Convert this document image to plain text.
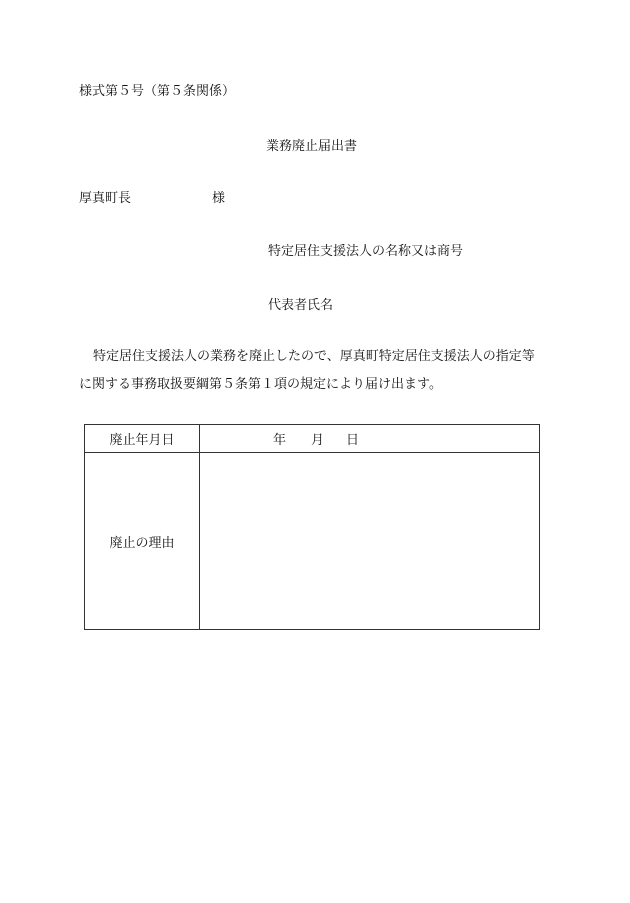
様式第５号（第５条関係）
業務廃止届出書
厚真町長	様
特定居住支援法人の名称又は商号
代表者氏名
特定居住支援法人の業務を廃止したので、厚真町特定居住支援法人の指定等
に関する事務取扱要綱第５条第１項の規定により届け出ます。
廃止年月日	年 月 日

廃止の理由	
